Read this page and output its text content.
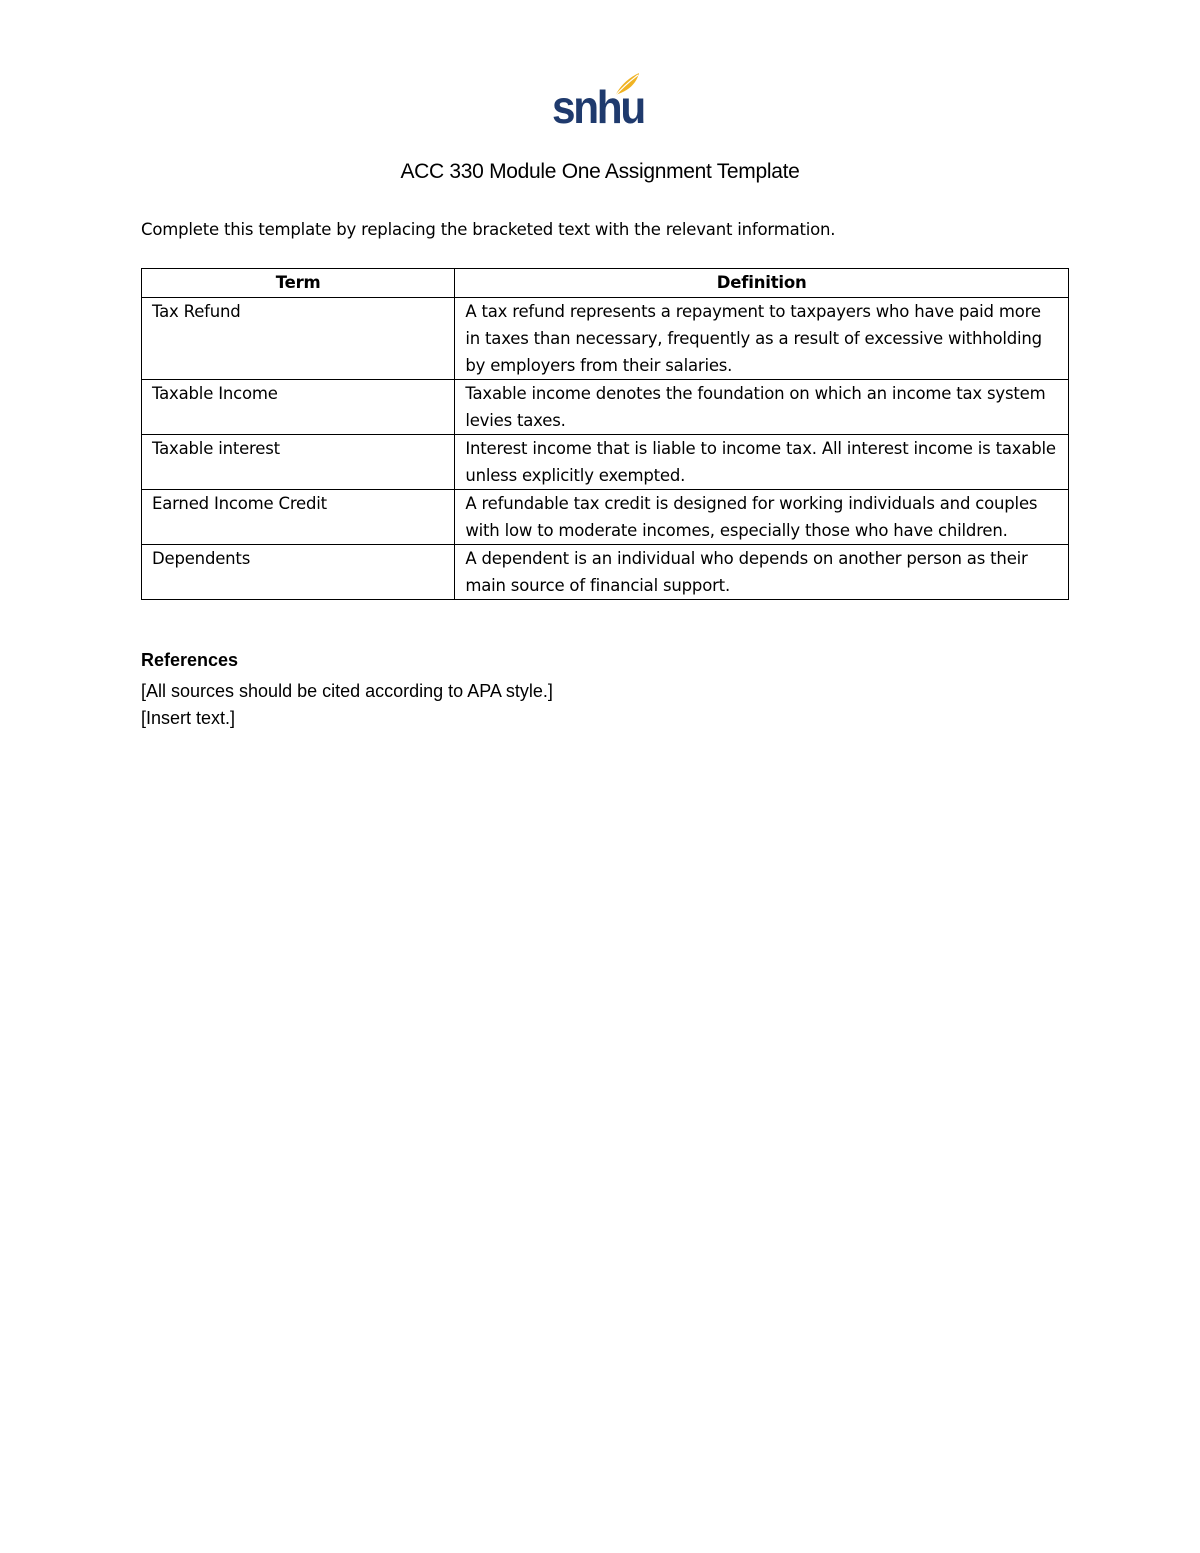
snhu
ACC 330 Module One Assignment Template
Complete this template by replacing the bracketed text with the relevant information.
Term	Definition
Tax Refund	A tax refund represents a repayment to taxpayers who have paid more in taxes than necessary, frequently as a result of excessive withholding by employers from their salaries.
Taxable Income	Taxable income denotes the foundation on which an income tax system levies taxes.
Taxable interest	Interest income that is liable to income tax. All interest income is taxable unless explicitly exempted.
Earned Income Credit	A refundable tax credit is designed for working individuals and couples with low to moderate incomes, especially those who have children.
Dependents	A dependent is an individual who depends on another person as their main source of financial support.
References
[All sources should be cited according to APA style.]
[Insert text.]
